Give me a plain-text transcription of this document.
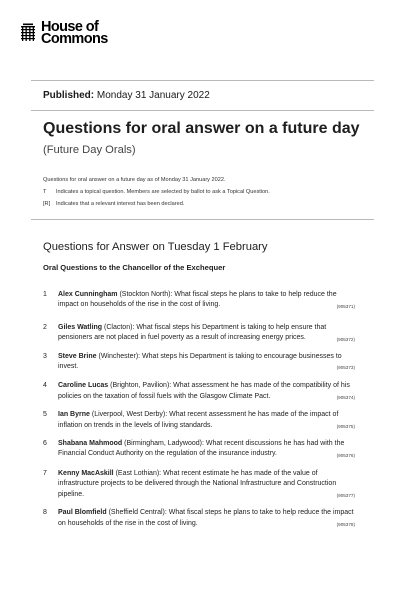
House of
Commons
Published: Monday 31 January 2022
Questions for oral answer on a future day
(Future Day Orals)
Questions for oral answer on a future day as of Monday 31 January 2022.
T	Indicates a topical question. Members are selected by ballot to ask a Topical Question.
[R]	Indicates that a relevant interest has been declared.
Questions for Answer on Tuesday 1 February
Oral Questions to the Chancellor of the Exchequer
1 Alex Cunningham (Stockton North): What fiscal steps he plans to take to help reduce the impact on households of the rise in the cost of living.	(905371)
2 Giles Watling (Clacton): What fiscal steps his Department is taking to help ensure that pensioners are not placed in fuel poverty as a result of increasing energy prices.	(905372)
3 Steve Brine (Winchester): What steps his Department is taking to encourage businesses to invest.	(905373)
4 Caroline Lucas (Brighton, Pavilion): What assessment he has made of the compatibility of his policies on the taxation of fossil fuels with the Glasgow Climate Pact.	(905374)
5 Ian Byrne (Liverpool, West Derby): What recent assessment he has made of the impact of inflation on trends in the levels of living standards.	(905375)
6 Shabana Mahmood (Birmingham, Ladywood): What recent discussions he has had with the Financial Conduct Authority on the regulation of the insurance industry.	(905376)
7 Kenny MacAskill (East Lothian): What recent estimate he has made of the value of infrastructure projects to be delivered through the National Infrastructure and Construction pipeline.	(905377)
8 Paul Blomfield (Sheffield Central): What fiscal steps he plans to take to help reduce the impact on households of the rise in the cost of living.	(905378)
